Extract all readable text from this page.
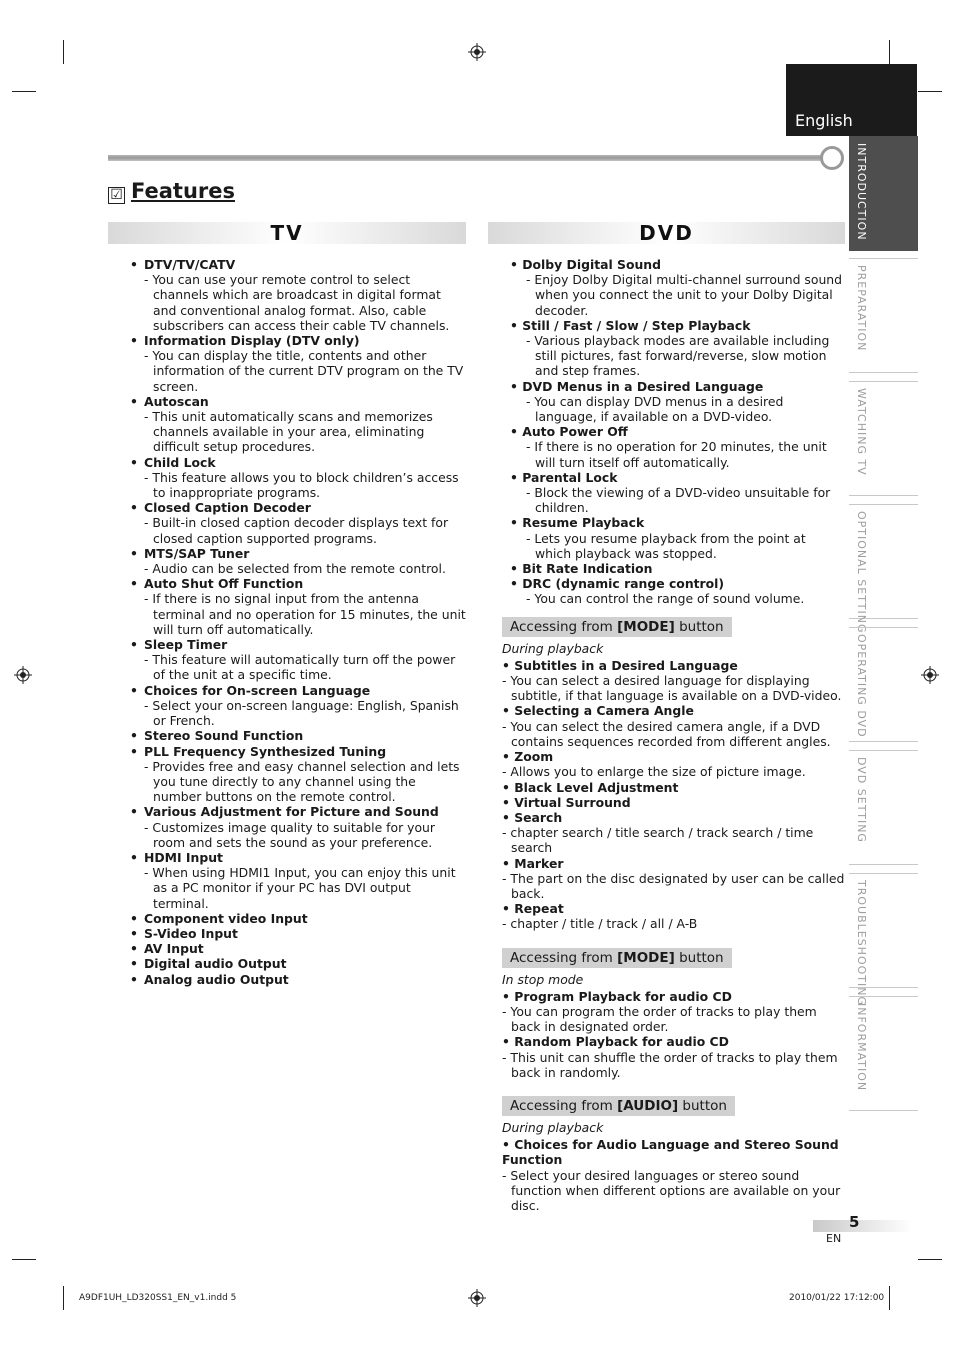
English
☑ Features
TV
• DTV/TV/CATV
- You can use your remote control to select channels which are broadcast in digital format and conventional analog format. Also, cable subscribers can access their cable TV channels.
• Information Display (DTV only)
- You can display the title, contents and other information of the current DTV program on the TV screen.
• Autoscan
- This unit automatically scans and memorizes channels available in your area, eliminating difficult setup procedures.
• Child Lock
- This feature allows you to block children’s access to inappropriate programs.
• Closed Caption Decoder
- Built-in closed caption decoder displays text for closed caption supported programs.
• MTS/SAP Tuner
- Audio can be selected from the remote control.
• Auto Shut Off Function
- If there is no signal input from the antenna terminal and no operation for 15 minutes, the unit will turn off automatically.
• Sleep Timer
- This feature will automatically turn off the power of the unit at a specific time.
• Choices for On-screen Language
- Select your on-screen language: English, Spanish or French.
• Stereo Sound Function
• PLL Frequency Synthesized Tuning
- Provides free and easy channel selection and lets you tune directly to any channel using the number buttons on the remote control.
• Various Adjustment for Picture and Sound
- Customizes image quality to suitable for your room and sets the sound as your preference.
• HDMI Input
- When using HDMI1 Input, you can enjoy this unit as a PC monitor if your PC has DVI output terminal.
• Component video Input
• S-Video Input
• AV Input
• Digital audio Output
• Analog audio Output
DVD
• Dolby Digital Sound
- Enjoy Dolby Digital multi-channel surround sound when you connect the unit to your Dolby Digital decoder.
• Still / Fast / Slow / Step Playback
- Various playback modes are available including still pictures, fast forward/reverse, slow motion and step frames.
• DVD Menus in a Desired Language
- You can display DVD menus in a desired language, if available on a DVD-video.
• Auto Power Off
- If there is no operation for 20 minutes, the unit will turn itself off automatically.
• Parental Lock
- Block the viewing of a DVD-video unsuitable for children.
• Resume Playback
- Lets you resume playback from the point at which playback was stopped.
• Bit Rate Indication
• DRC (dynamic range control)
- You can control the range of sound volume.
Accessing from [MODE] button
During playback
• Subtitles in a Desired Language
- You can select a desired language for displaying subtitle, if that language is available on a DVD-video.
• Selecting a Camera Angle
- You can select the desired camera angle, if a DVD contains sequences recorded from different angles.
• Zoom
- Allows you to enlarge the size of picture image.
• Black Level Adjustment
• Virtual Surround
• Search
- chapter search / title search / track search / time search
• Marker
- The part on the disc designated by user can be called back.
• Repeat
- chapter / title / track / all / A-B
Accessing from [MODE] button
In stop mode
• Program Playback for audio CD
- You can program the order of tracks to play them back in designated order.
• Random Playback for audio CD
- This unit can shuffle the order of tracks to play them back in randomly.
Accessing from [AUDIO] button
During playback
• Choices for Audio Language and Stereo Sound Function
- Select your desired languages or stereo sound function when different options are available on your disc.
INTRODUCTION
PREPARATION
WATCHING TV
OPTIONAL SETTING
OPERATING DVD
DVD SETTING
TROUBLESHOOTING
INFORMATION
5
EN
A9DF1UH_LD320SS1_EN_v1.indd 5	2010/01/22 17:12:00
